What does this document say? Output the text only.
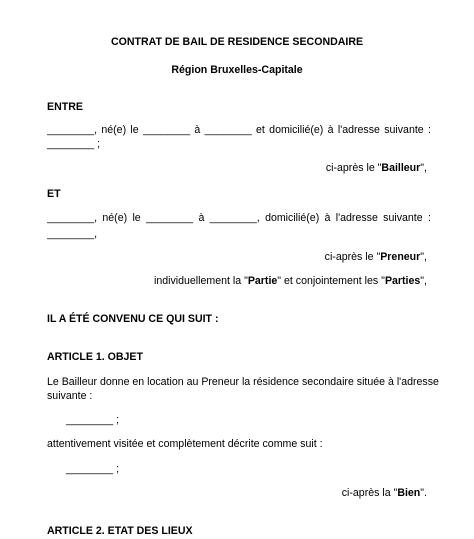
CONTRAT DE BAIL DE RESIDENCE SECONDAIRE
Région Bruxelles-Capitale
ENTRE
________, né(e) le ________ à ________ et domicilié(e) à l'adresse suivante :
________ ;
ci-après le "Bailleur",
ET
________, né(e) le ________ à ________, domicilié(e) à l'adresse suivante :
________,
ci-après le "Preneur",
individuellement la "Partie" et conjointement les "Parties",
IL A ÉTÉ CONVENU CE QUI SUIT :
ARTICLE 1. OBJET
Le Bailleur donne en location au Preneur la résidence secondaire située à l'adresse
suivante :
________ ;
attentivement visitée et complètement décrite comme suit :
________ ;
ci-après la "Bien".
ARTICLE 2. ETAT DES LIEUX
